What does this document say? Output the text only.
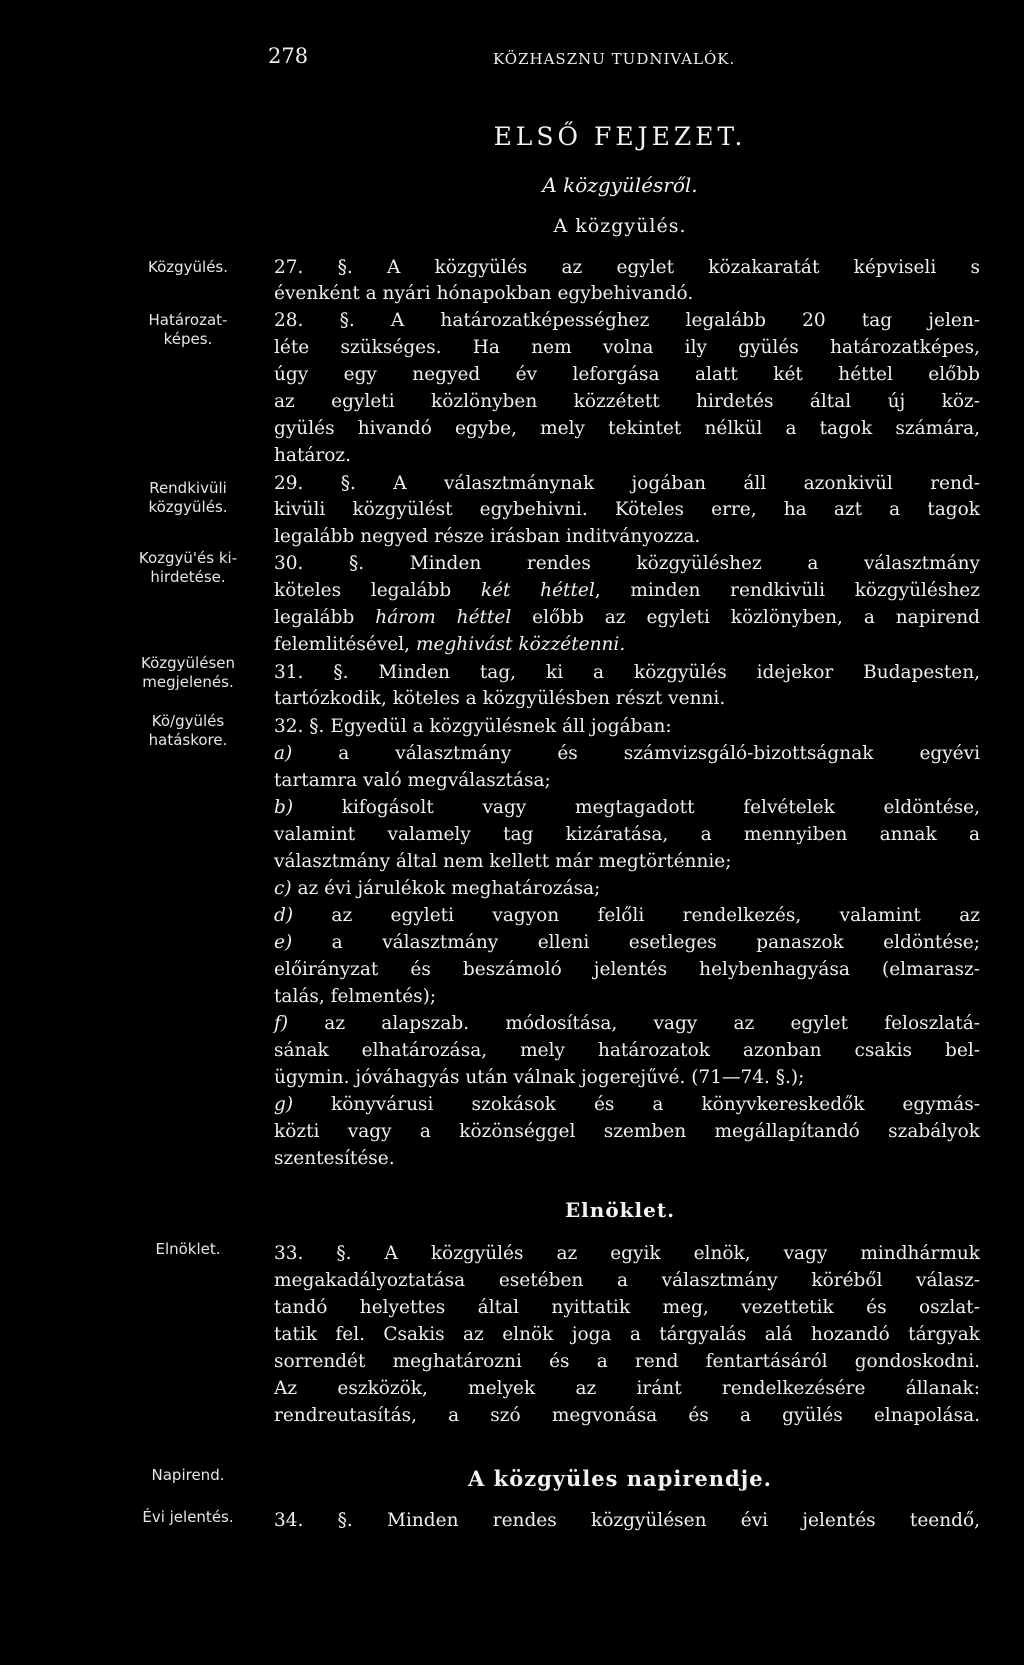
278	KÖZHASZNU TUDNIVALÓK.
ELSŐ FEJEZET.
A közgyülésről.
A közgyülés.
Közgyülés.
Határozat-képes.
Rendkivüli közgyülés.
Kozgyü'és ki-hirdetése.
Közgyülésen megjelenés.
Kö/gyülés hatáskore.
Elnöklet.
Napirend.
Évi jelentés.
27. §. A közgyülés az egylet közakaratát képviseli s
évenként a nyári hónapokban egybehivandó.
28. §. A határozatképességhez legalább 20 tag jelen-
léte szükséges. Ha nem volna ily gyülés határozatképes,
úgy egy negyed év leforgása alatt két héttel előbb
az egyleti közlönyben közzétett hirdetés által új köz-
gyülés hivandó egybe, mely tekintet nélkül a tagok számára,
határoz.
29. §. A választmánynak jogában áll azonkivül rend-
kivüli közgyülést egybehivni. Köteles erre, ha azt a tagok
legalább negyed része irásban inditványozza.
30. §. Minden rendes közgyüléshez a választmány
köteles legalább két héttel, minden rendkivüli közgyüléshez
legalább három héttel előbb az egyleti közlönyben, a napirend
felemlitésével, meghivást közzétenni.
31. §. Minden tag, ki a közgyülés idejekor Budapesten,
tartózkodik, köteles a közgyülésben részt venni.
32. §. Egyedül a közgyülésnek áll jogában:
a) a választmány és számvizsgáló-bizottságnak egyévi
tartamra való megválasztása;
b) kifogásolt vagy megtagadott felvételek eldöntése,
valamint valamely tag kizáratása, a mennyiben annak a
választmány által nem kellett már megtörténnie;
c) az évi járulékok meghatározása;
d) az egyleti vagyon felőli rendelkezés, valamint az
e) a választmány elleni esetleges panaszok eldöntése;
előirányzat és beszámoló jelentés helybenhagyása (elmarasz-
talás, felmentés);
f) az alapszab. módosítása, vagy az egylet feloszlatá-
sának elhatározása, mely határozatok azonban csakis bel-
ügymin. jóváhagyás után válnak jogerejűvé. (71—74. §.);
g) könyvárusi szokások és a könyvkereskedők egymás-
közti vagy a közönséggel szemben megállapítandó szabályok
szentesítése.
Elnöklet.
33. §. A közgyülés az egyik elnök, vagy mindhármuk
megakadályoztatása esetében a választmány köréből válasz-
tandó helyettes által nyittatik meg, vezettetik és oszlat-
tatik fel. Csakis az elnök joga a tárgyalás alá hozandó tárgyak
sorrendét meghatározni és a rend fentartásáról gondoskodni.
Az eszközök, melyek az iránt rendelkezésére állanak:
rendreutasítás, a szó megvonása és a gyülés elnapolása.
A közgyüles napirendje.
34. §. Minden rendes közgyülésen évi jelentés teendő,
